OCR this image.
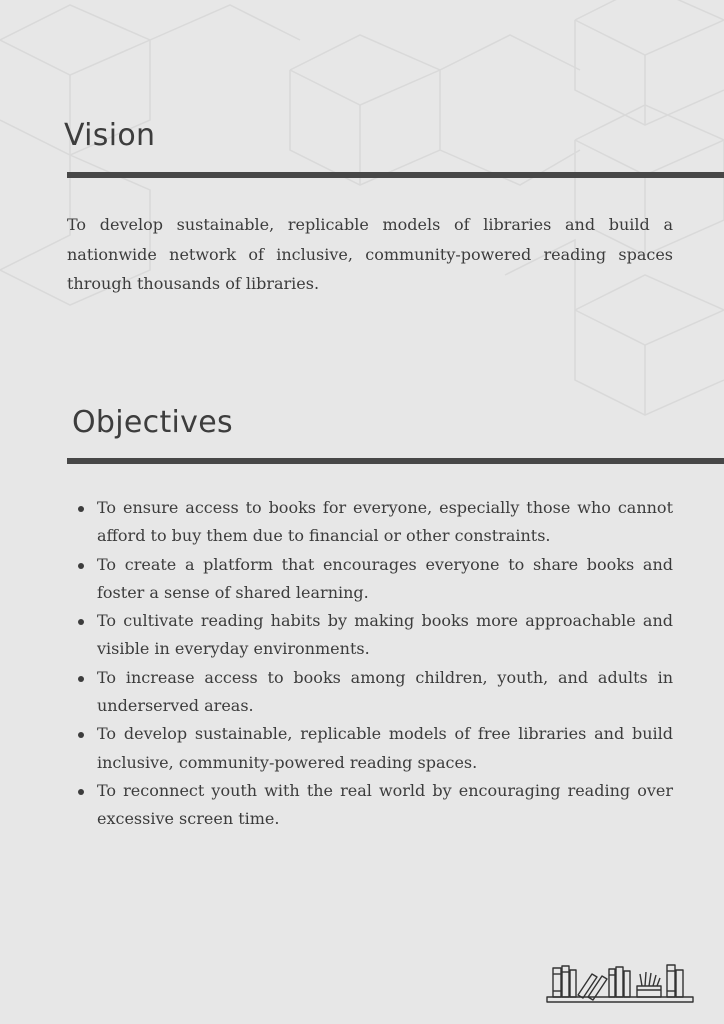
Vision

To develop sustainable, replicable models of libraries and build a nationwide network of inclusive, community-powered reading spaces through thousands of libraries.

Objectives
To ensure access to books for everyone, especially those who cannot afford to buy them due to financial or other constraints.
To create a platform that encourages everyone to share books and foster a sense of shared learning.
To cultivate reading habits by making books more approachable and visible in everyday environments.
To increase access to books among children, youth, and adults in underserved areas.
To develop sustainable, replicable models of free libraries and build inclusive, community-powered reading spaces.
To reconnect youth with the real world by encouraging reading over excessive screen time.
